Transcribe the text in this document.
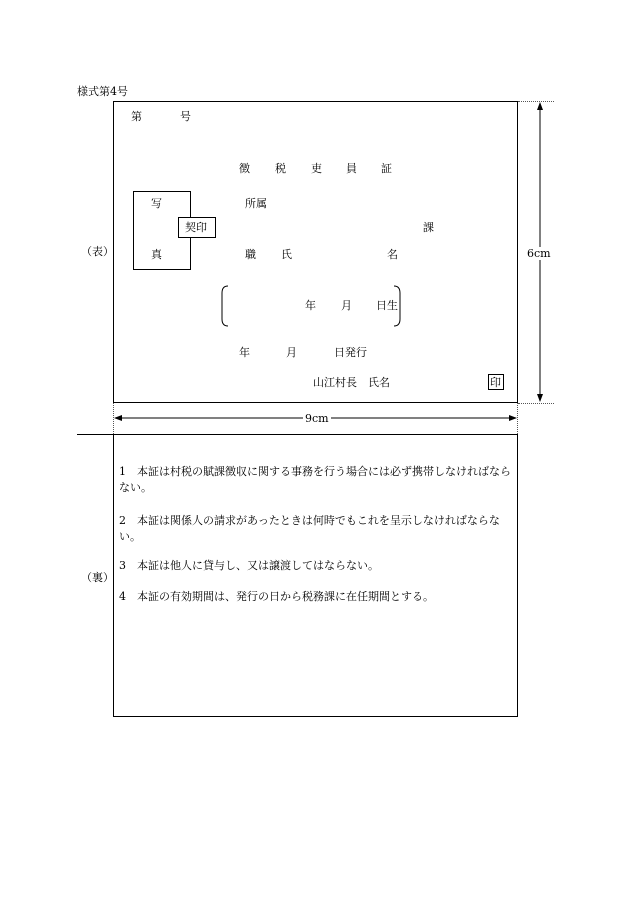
様式第4号
（表）
第	号
徴 税 吏 員 証
写
真
契印
所属
課
職 氏	名
年 月 日生
年	月	日発行
山江村長　氏名	印
6cm
9cm
（裏）
1 本証は村税の賦課徴収に関する事務を行う場合には必ず携帯しなければならない。
2 本証は関係人の請求があったときは何時でもこれを呈示しなければならない。
3 本証は他人に貸与し、又は譲渡してはならない。
4 本証の有効期間は、発行の日から税務課に在任期間とする。
